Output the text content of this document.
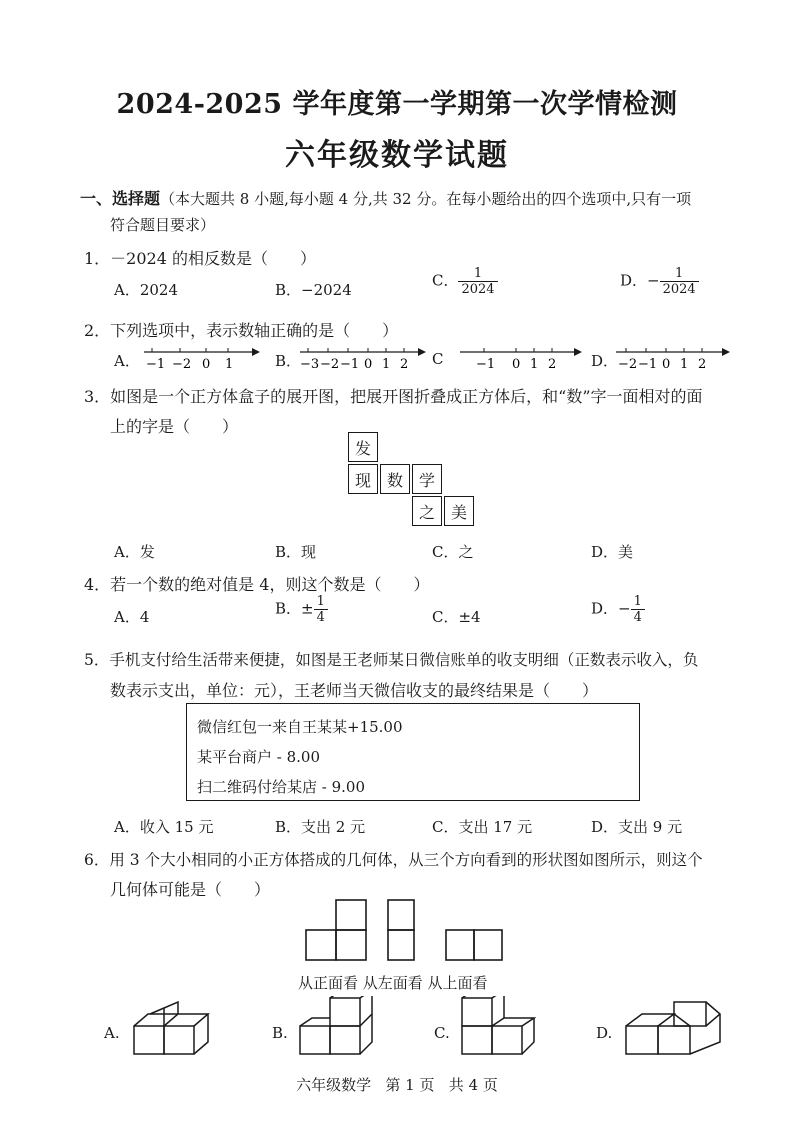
2024-2025 学年度第一学期第一次学情检测
六年级数学试题
一、选择题（本大题共 8 小题,每小题 4 分,共 32 分。在每小题给出的四个选项中,只有一项
符合题目要求）
1．－2024 的相反数是（　　）
A．2024	B．−2024
C． $\frac{1}{2024}$	D．− $\frac{1}{2024}$
2．下列选项中，表示数轴正确的是（　　）
A． −1 −2 0 1	B．
−3 −2 −1 0 1 2 C	−1 0 1 2 D． −2 −1 0 1 2
3．如图是一个正方体盒子的展开图，把展开图折叠成正方体后，和“数”字一面相对的面
上的字是（　　）
发
现 数 学
之 美
A．发	B．现	C．之	D．美
4．若一个数的绝对值是 4，则这个数是（　　）
A．4	B．± $\frac{1}{4}$	C．±4	D．− $\frac{1}{4}$
5．手机支付给生活带来便捷，如图是王老师某日微信账单的收支明细（正数表示收入，负
数表示支出，单位：元），王老师当天微信收支的最终结果是（　　）
微信红包一来自王某某+15.00
某平台商户 - 8.00
扫二维码付给某店 - 9.00
A．收入 15 元	B．支出 2 元	C．支出 17 元	D．支出 9 元
6．用 3 个大小相同的小正方体搭成的几何体，从三个方向看到的形状图如图所示，则这个
几何体可能是（　　）
从正面看 从左面看 从上面看
A.	B.	C.	D.
六年级数学   第 1 页   共 4 页
